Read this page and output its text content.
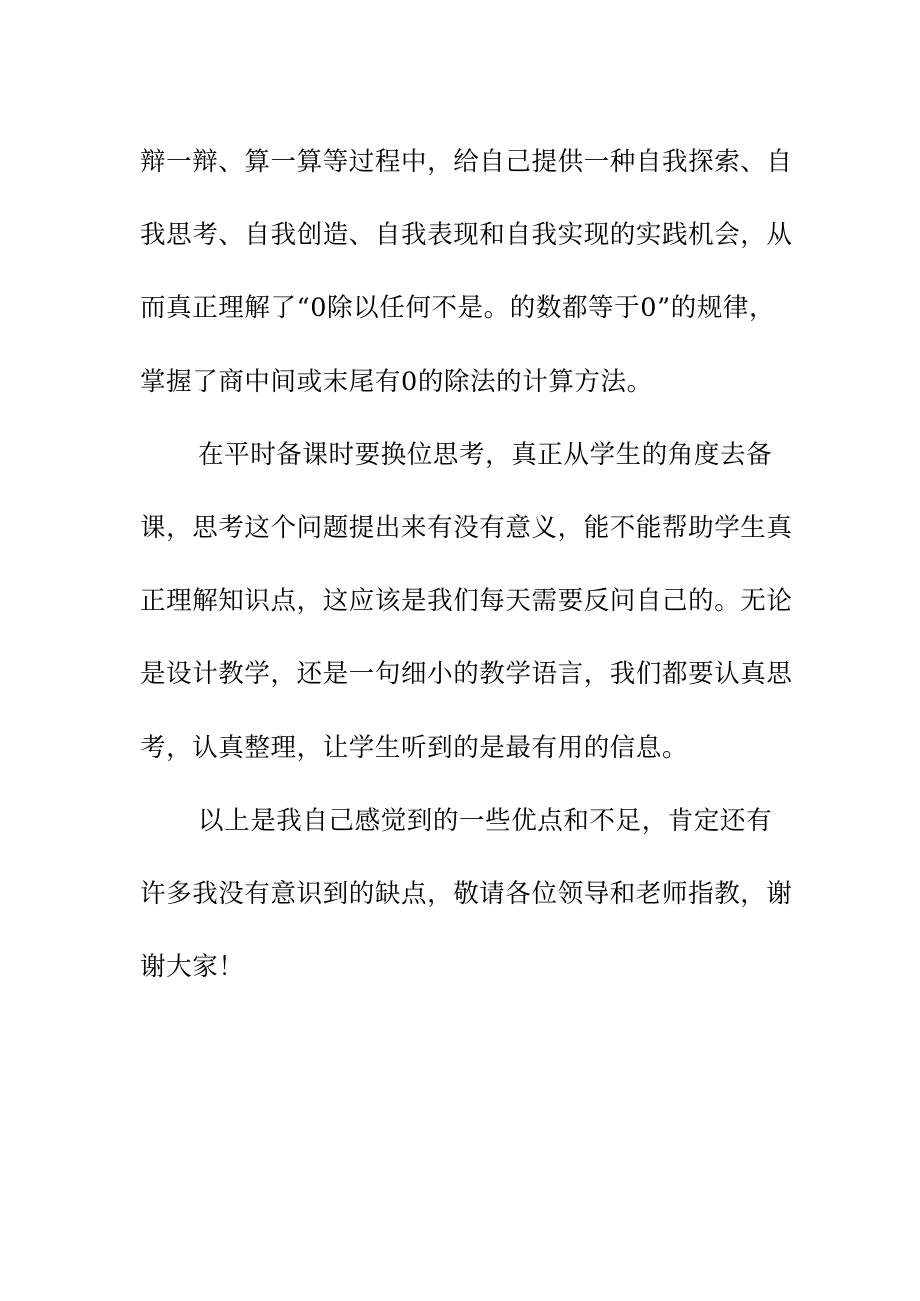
辩一辩、算一算等过程中，给自己提供一种自我探索、自
我思考、自我创造、自我表现和自我实现的实践机会，从
而真正理解了“0除以任何不是。的数都等于0”的规律，
掌握了商中间或末尾有0的除法的计算方法。
在平时备课时要换位思考，真正从学生的角度去备
课，思考这个问题提出来有没有意义，能不能帮助学生真
正理解知识点，这应该是我们每天需要反问自己的。无论
是设计教学，还是一句细小的教学语言，我们都要认真思
考，认真整理，让学生听到的是最有用的信息。
以上是我自己感觉到的一些优点和不足，肯定还有
许多我没有意识到的缺点，敬请各位领导和老师指教，谢
谢大家！
